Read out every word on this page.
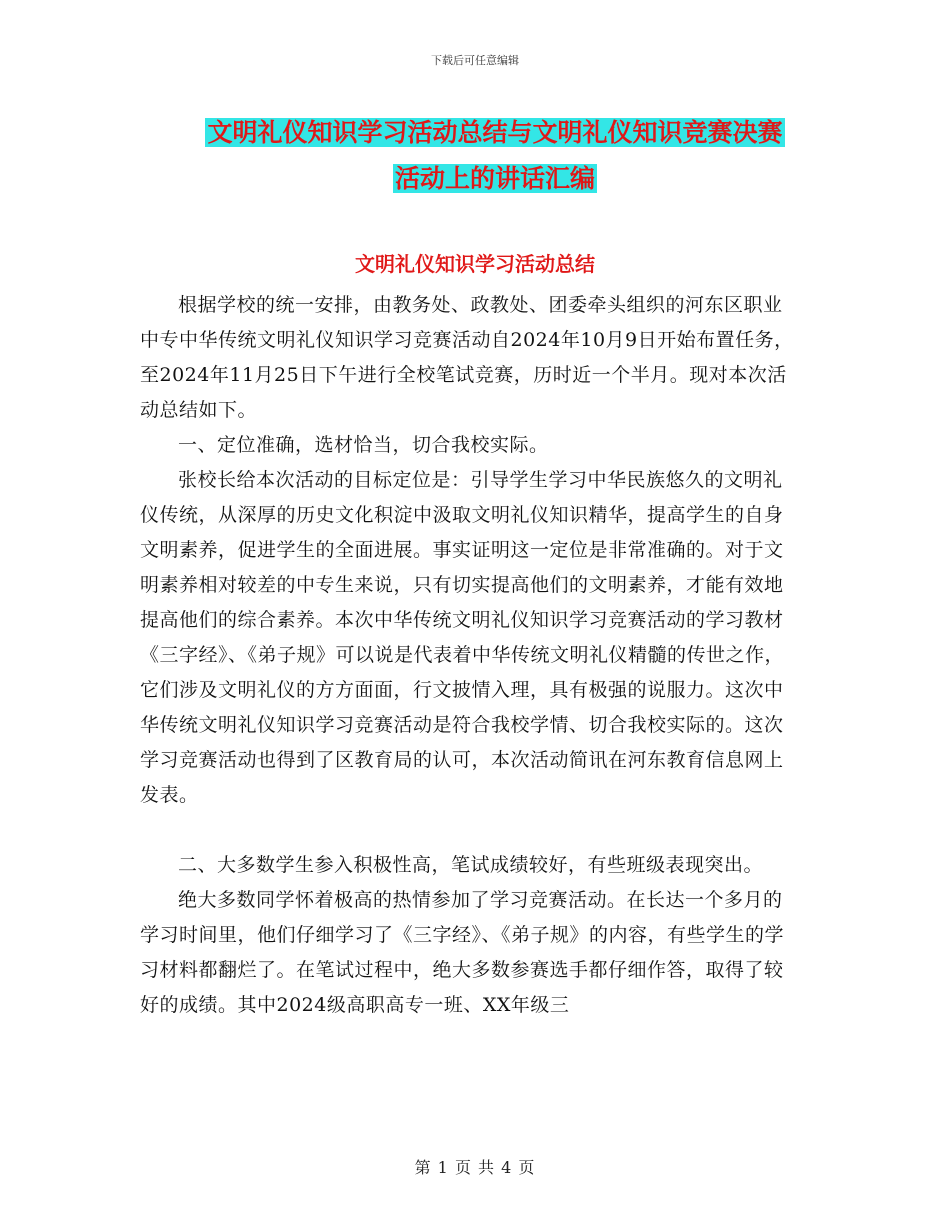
下载后可任意编辑
文明礼仪知识学习活动总结与文明礼仪知识竞赛决赛
活动上的讲话汇编
文明礼仪知识学习活动总结

根据学校的统一安排，由教务处、政教处、团委牵头组织的河东区职业中专中华传统文明礼仪知识学习竞赛活动自2024年10月9日开始布置任务，至2024年11月25日下午进行全校笔试竞赛，历时近一个半月。现对本次活动总结如下。

一、定位准确，选材恰当，切合我校实际。

张校长给本次活动的目标定位是：引导学生学习中华民族悠久的文明礼仪传统，从深厚的历史文化积淀中汲取文明礼仪知识精华，提高学生的自身文明素养，促进学生的全面进展。事实证明这一定位是非常准确的。对于文明素养相对较差的中专生来说，只有切实提高他们的文明素养，才能有效地提高他们的综合素养。本次中华传统文明礼仪知识学习竞赛活动的学习教材《三字经》、《弟子规》可以说是代表着中华传统文明礼仪精髓的传世之作，它们涉及文明礼仪的方方面面，行文披情入理，具有极强的说服力。这次中华传统文明礼仪知识学习竞赛活动是符合我校学情、切合我校实际的。这次学习竞赛活动也得到了区教育局的认可，本次活动简讯在河东教育信息网上发表。

二、大多数学生参入积极性高，笔试成绩较好，有些班级表现突出。

绝大多数同学怀着极高的热情参加了学习竞赛活动。在长达一个多月的学习时间里，他们仔细学习了《三字经》、《弟子规》的内容，有些学生的学习材料都翻烂了。在笔试过程中，绝大多数参赛选手都仔细作答，取得了较好的成绩。其中2024级高职高专一班、XX年级三

第 1 页 共 4 页
